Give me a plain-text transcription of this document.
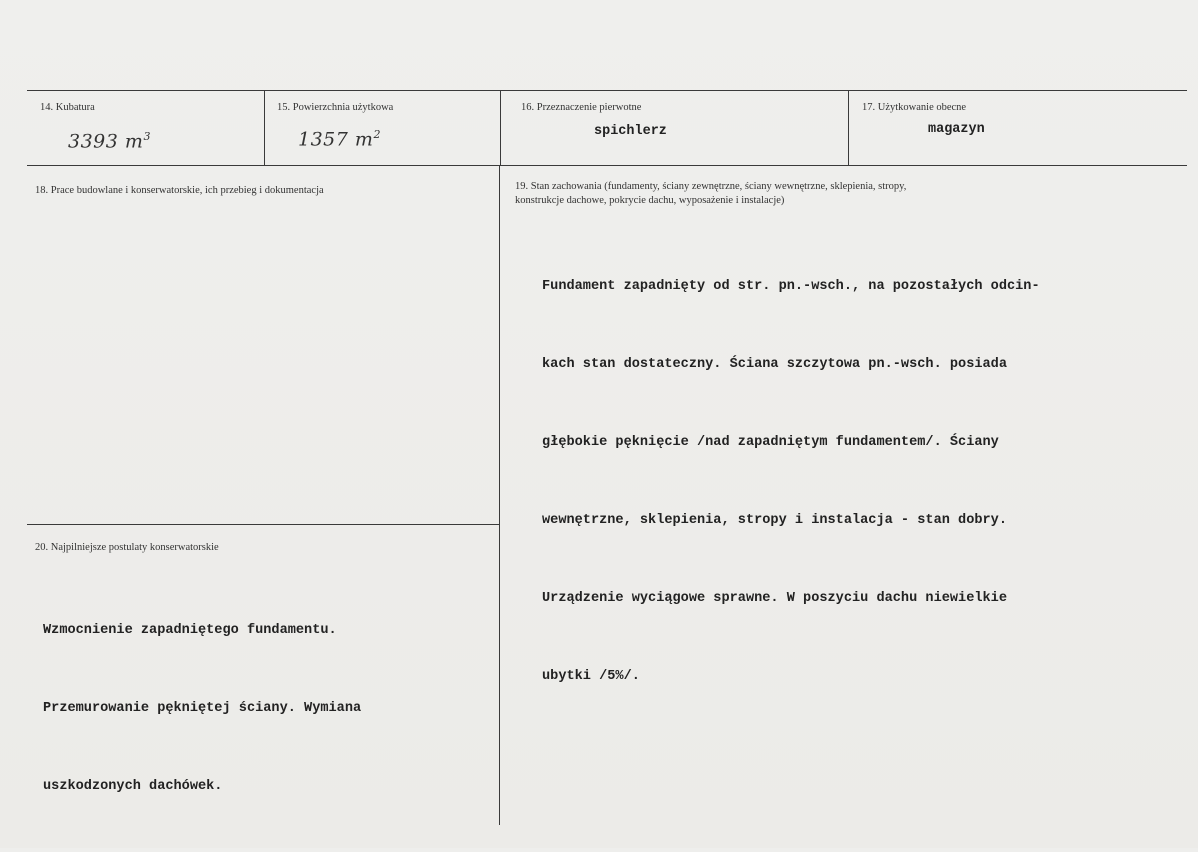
14. Kubatura
3393 $m^3$
15. Powierzchnia użytkowa
1357 $m^2$
16. Przeznaczenie pierwotne
spichlerz
17. Użytkowanie obecne
magazyn
18. Prace budowlane i konserwatorskie, ich przebieg i dokumentacja	19. Stan zachowania (fundamenty, ściany zewnętrzne, ściany wewnętrzne, sklepienia, stropy,
konstrukcje dachowe, pokrycie dachu, wyposażenie i instalacje)

Fundament zapadnięty od str. pn.-wsch., na pozostałych odcin-

kach stan dostateczny. Ściana szczytowa pn.-wsch. posiada

głębokie pęknięcie /nad zapadniętym fundamentem/. Ściany

wewnętrzne, sklepienia, stropy i instalacja - stan dobry.

Urządzenie wyciągowe sprawne. W poszyciu dachu niewielkie

ubytki /5%/.

20. Najpilniejsze postulaty konserwatorskie

Wzmocnienie zapadniętego fundamentu.

Przemurowanie pękniętej ściany. Wymiana

uszkodzonych dachówek.
